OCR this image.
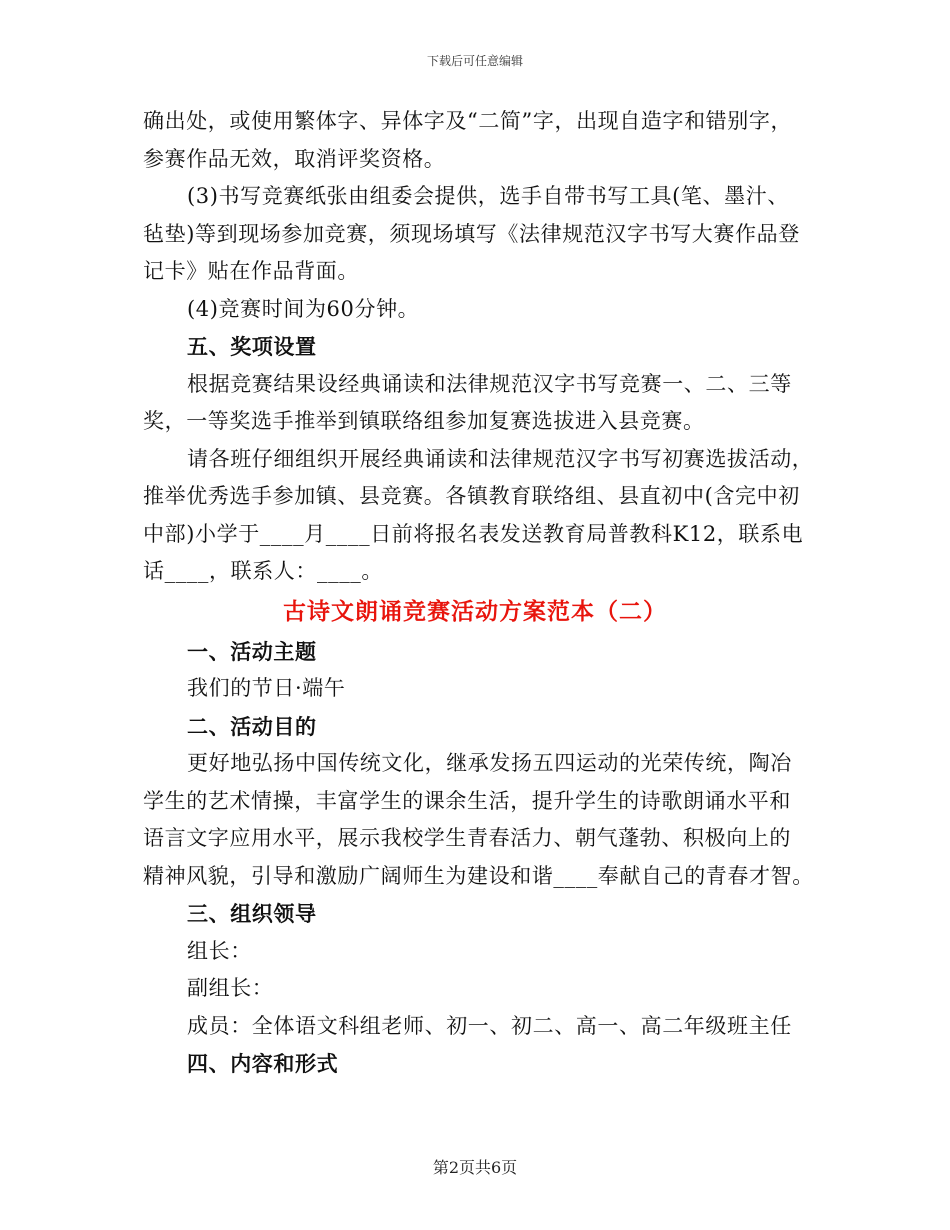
下载后可任意编辑
确出处，或使用繁体字、异体字及“二简”字，出现自造字和错别字，
参赛作品无效，取消评奖资格。
(3)书写竞赛纸张由组委会提供，选手自带书写工具(笔、墨汁、
毡垫)等到现场参加竞赛，须现场填写《法律规范汉字书写大赛作品登
记卡》贴在作品背面。
(4)竞赛时间为60分钟。
五、奖项设置
根据竞赛结果设经典诵读和法律规范汉字书写竞赛一、二、三等
奖，一等奖选手推举到镇联络组参加复赛选拔进入县竞赛。
请各班仔细组织开展经典诵读和法律规范汉字书写初赛选拔活动，
推举优秀选手参加镇、县竞赛。各镇教育联络组、县直初中(含完中初
中部)小学于____月____日前将报名表发送教育局普教科K12，联系电
话____，联系人：____。
古诗文朗诵竞赛活动方案范本（二）
一、活动主题
我们的节日·端午
二、活动目的
更好地弘扬中国传统文化，继承发扬五四运动的光荣传统，陶冶
学生的艺术情操，丰富学生的课余生活，提升学生的诗歌朗诵水平和
语言文字应用水平，展示我校学生青春活力、朝气蓬勃、积极向上的
精神风貌，引导和激励广阔师生为建设和谐____奉献自己的青春才智。
三、组织领导
组长：
副组长：
成员：全体语文科组老师、初一、初二、高一、高二年级班主任
四、内容和形式
第2页共6页
